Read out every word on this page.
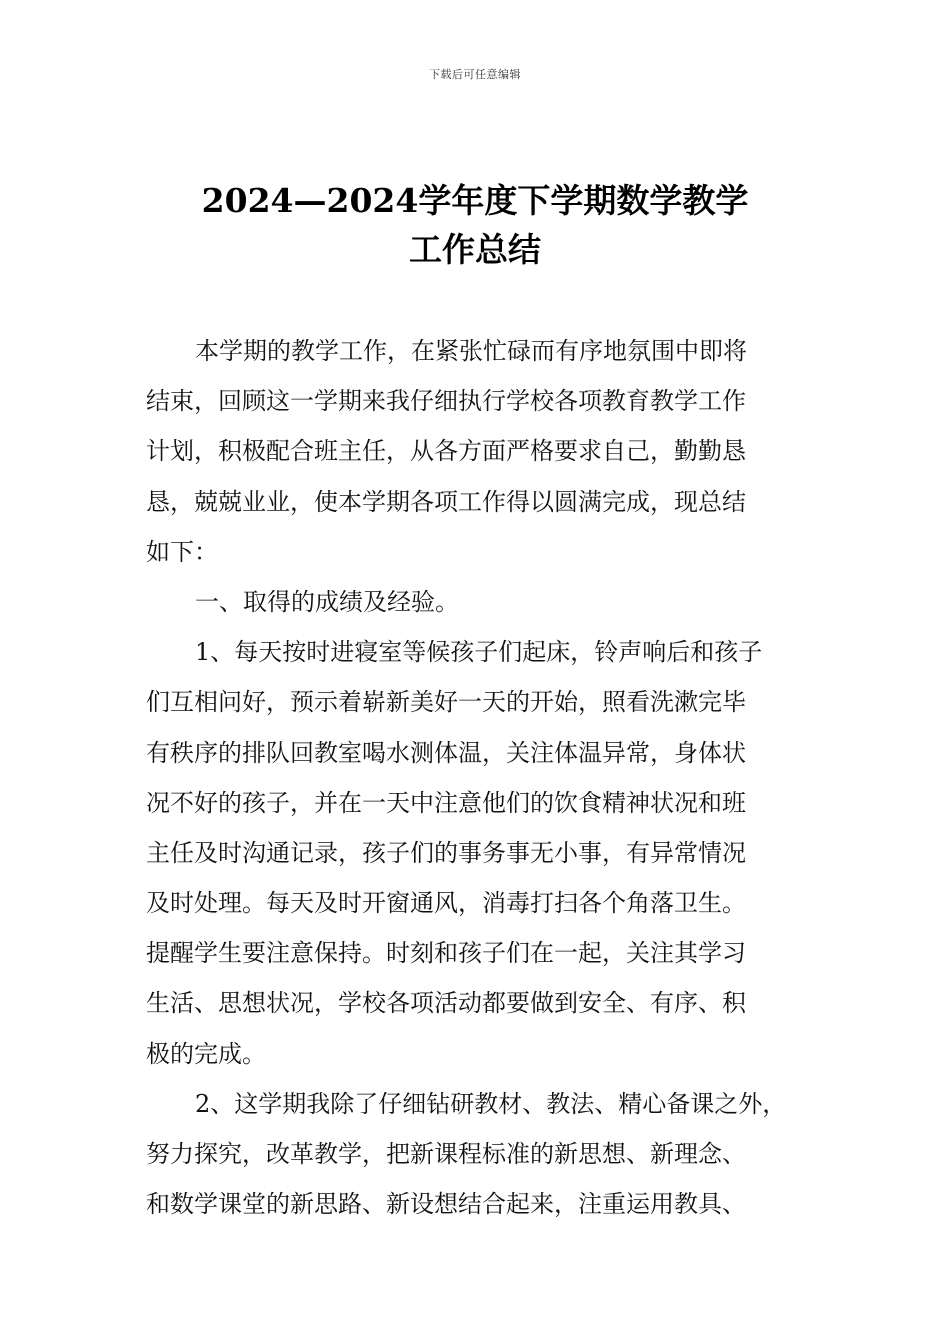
下载后可任意编辑
2024—2024学年度下学期数学教学
工作总结
本学期的教学工作，在紧张忙碌而有序地氛围中即将
结束，回顾这一学期来我仔细执行学校各项教育教学工作
计划，积极配合班主任，从各方面严格要求自己，勤勤恳
恳，兢兢业业，使本学期各项工作得以圆满完成，现总结
如下：
一、取得的成绩及经验。
1、每天按时进寝室等候孩子们起床，铃声响后和孩子
们互相问好，预示着崭新美好一天的开始，照看洗漱完毕
有秩序的排队回教室喝水测体温，关注体温异常，身体状
况不好的孩子，并在一天中注意他们的饮食精神状况和班
主任及时沟通记录，孩子们的事务事无小事，有异常情况
及时处理。每天及时开窗通风，消毒打扫各个角落卫生。
提醒学生要注意保持。时刻和孩子们在一起，关注其学习
生活、思想状况，学校各项活动都要做到安全、有序、积
极的完成。
2、这学期我除了仔细钻研教材、教法、精心备课之外，
努力探究，改革教学，把新课程标准的新思想、新理念、
和数学课堂的新思路、新设想结合起来，注重运用教具、
